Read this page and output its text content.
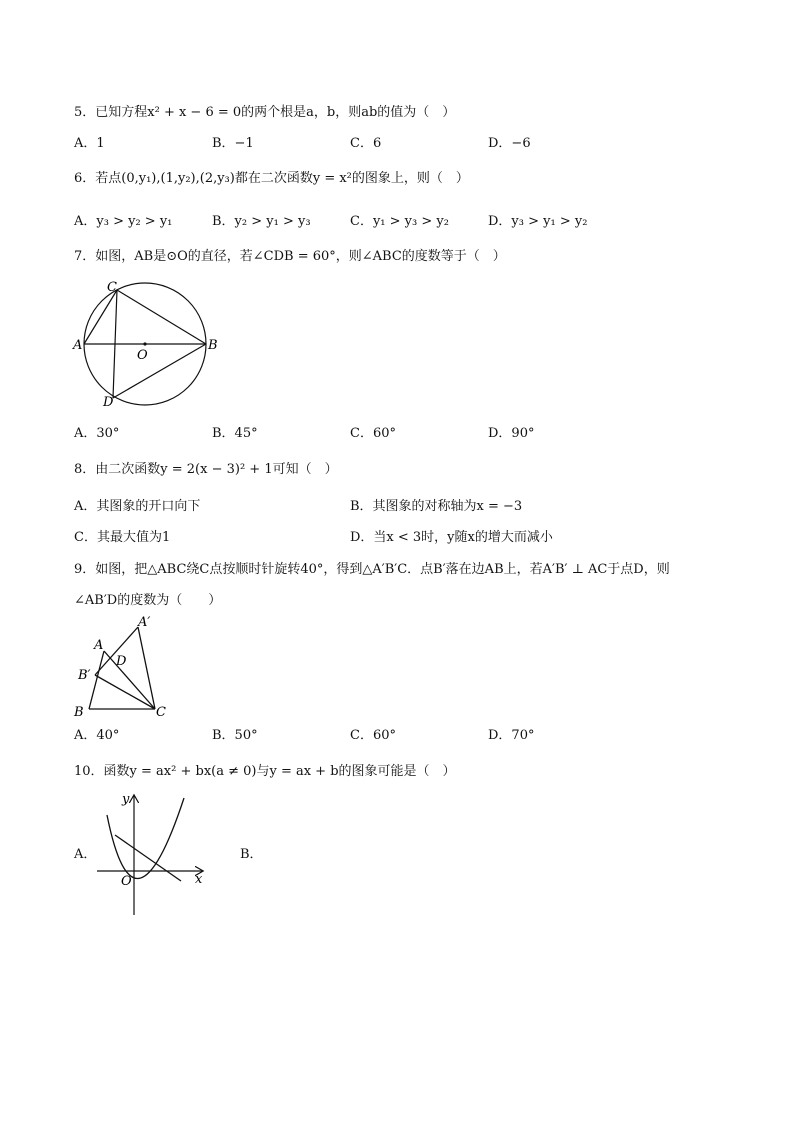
5．已知方程x² + x − 6 = 0的两个根是a，b，则ab的值为（　）
A．1	B．−1	C．6	D．−6
6．若点(0,y₁),(1,y₂),(2,y₃)都在二次函数y = x²的图象上，则（　）
A．y₃ > y₂ > y₁	B．y₂ > y₁ > y₃	C．y₁ > y₃ > y₂	D．y₃ > y₁ > y₂
7．如图，AB是⊙O的直径，若∠CDB = 60°，则∠ABC的度数等于（　）
C
A	B
O
D
A．30°	B．45°	C．60°	D．90°
8．由二次函数y = 2(x − 3)² + 1可知（　）
A．其图象的开口向下	B．其图象的对称轴为x = −3
C．其最大值为1	D．当x < 3时，y随x的增大而减小
9．如图，把△ABC绕C点按顺时针旋转40°，得到△A′B′C．点B′落在边AB上，若A′B′ ⊥ AC于点D，则
∠AB′D的度数为（　　）
A′
A
D
B′
B	C
A．40°	B．50°	C．60°	D．70°
10．函数y = ax² + bx(a ≠ 0)与y = ax + b的图象可能是（　）
A．
y
x
O
B．
